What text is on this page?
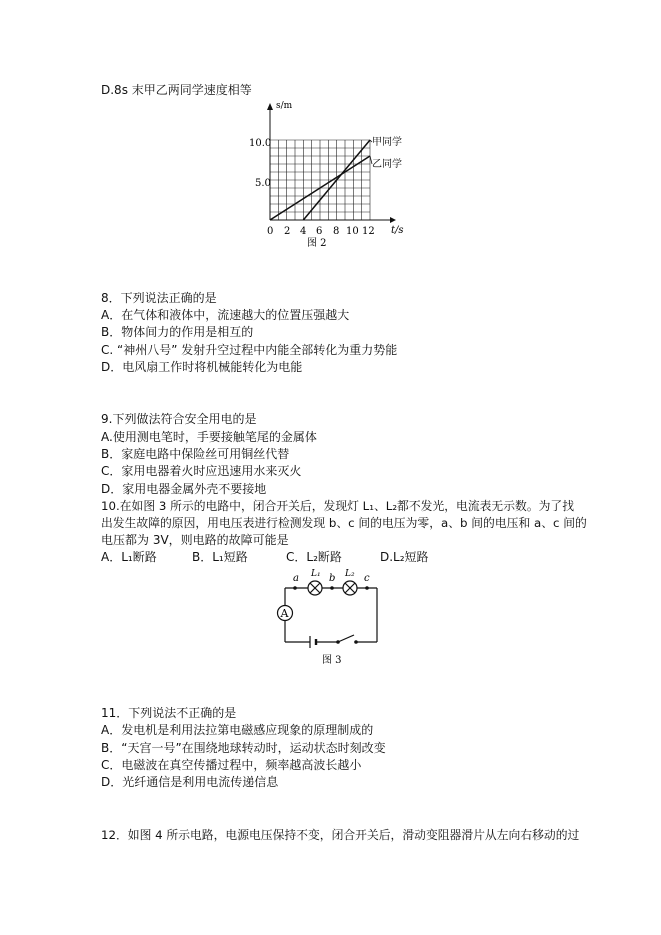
D.8s 末甲乙两同学速度相等
s/m
t/s
10.0
5.0
0 2 4 6 8 10 12
甲同学
乙同学
图 2
8．下列说法正确的是
A．在气体和液体中，流速越大的位置压强越大
B．物体间力的作用是相互的
C. “神州八号” 发射升空过程中内能全部转化为重力势能
D．电风扇工作时将机械能转化为电能
9.下列做法符合安全用电的是
A.使用测电笔时，手要接触笔尾的金属体
B．家庭电路中保险丝可用铜丝代替
C．家用电器着火时应迅速用水来灭火
D．家用电器金属外壳不要接地
10.在如图 3 所示的电路中，闭合开关后，发现灯 L₁、L₂都不发光，电流表无示数。为了找
出发生故障的原因，用电压表进行检测发现 b、c 间的电压为零，a、b 间的电压和 a、c 间的
电压都为 3V，则电路的故障可能是
A．L₁断路	B．L₁短路	C．L₂断路	D.L₂短路
A
a	b	c
L₁	L₂
图 3
11．下列说法不正确的是
A．发电机是利用法拉第电磁感应现象的原理制成的
B．“天宫一号”在围绕地球转动时，运动状态时刻改变
C．电磁波在真空传播过程中，频率越高波长越小
D．光纤通信是利用电流传递信息
12．如图 4 所示电路，电源电压保持不变，闭合开关后，滑动变阻器滑片从左向右移动的过
